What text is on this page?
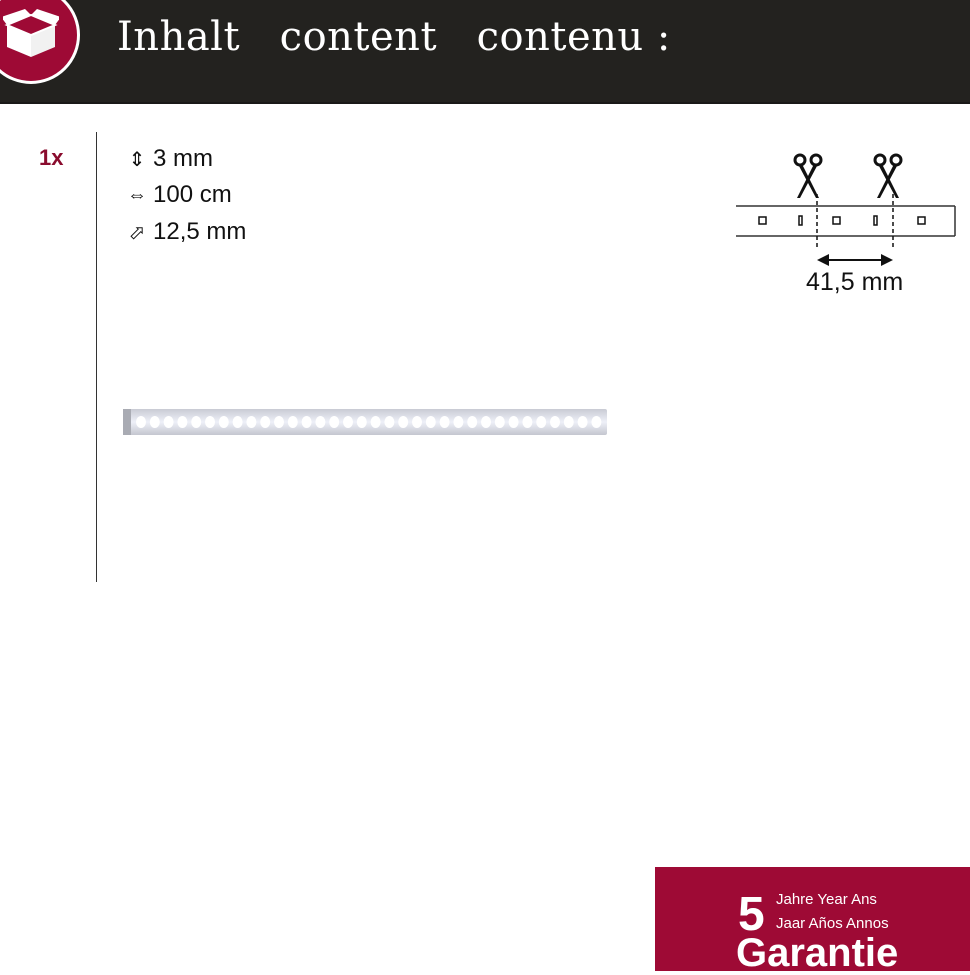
Inhalt   content   contenu :
1x	⇕ 3 mm
⇔ 100 cm
⬀ 12,5 mm
41,5 mm
5 Jahre Year Ans
Jaar Años Annos
Garantie
